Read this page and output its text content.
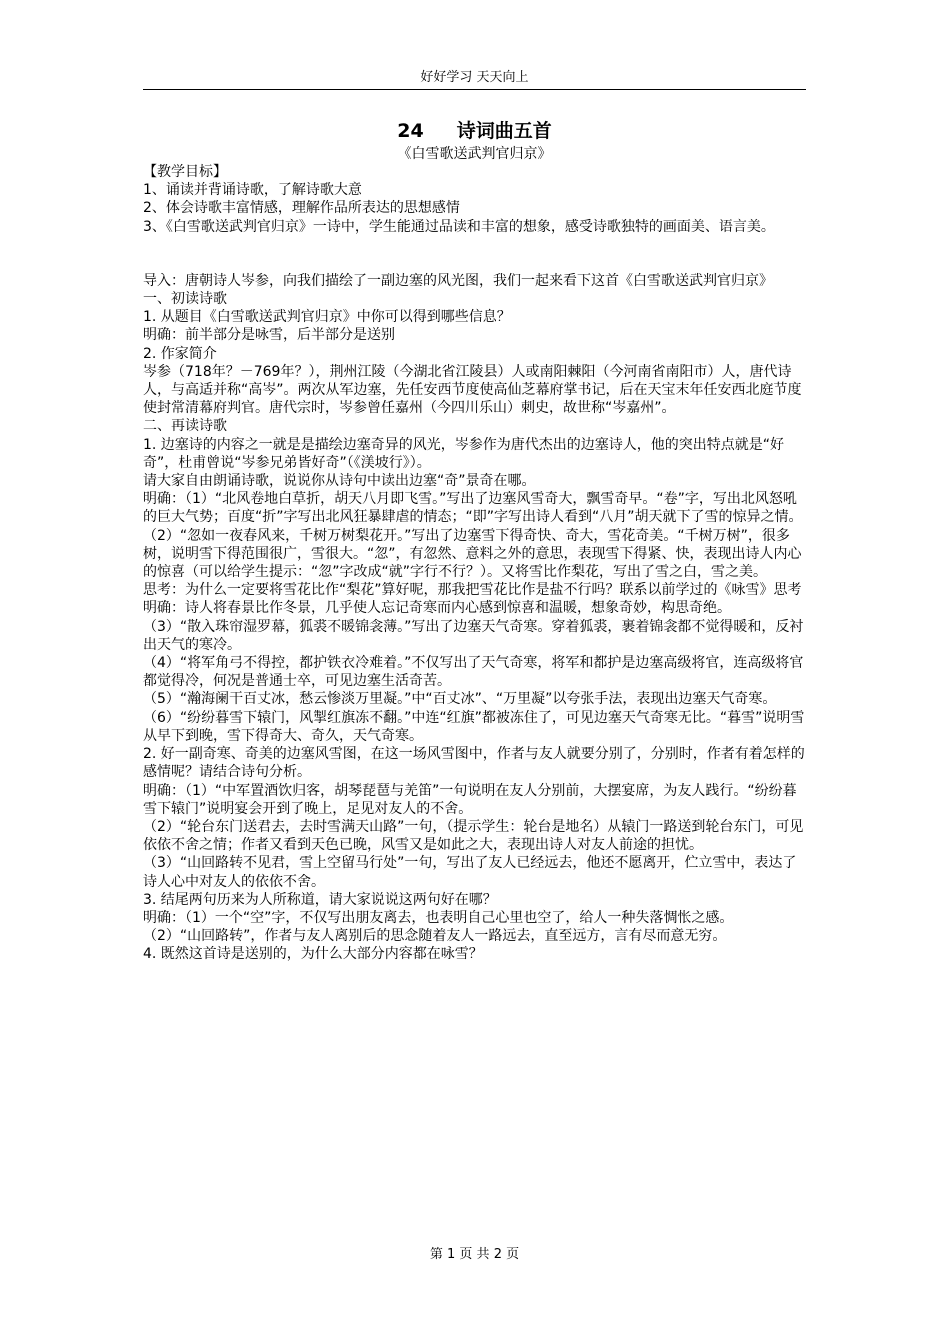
好好学习 天天向上
24     诗词曲五首
《白雪歌送武判官归京》

【教学目标】

1、诵读并背诵诗歌，了解诗歌大意

2、体会诗歌丰富情感，理解作品所表达的思想感情

3、《白雪歌送武判官归京》一诗中，学生能通过品读和丰富的想象，感受诗歌独特的画面美、语言美。

导入：唐朝诗人岑参，向我们描绘了一副边塞的风光图，我们一起来看下这首《白雪歌送武判官归京》

一、初读诗歌

1. 从题目《白雪歌送武判官归京》中你可以得到哪些信息？

明确：前半部分是咏雪，后半部分是送别

2. 作家简介

岑参（718年？－769年？），荆州江陵（今湖北省江陵县）人或南阳棘阳（今河南省南阳市）人，唐代诗人，与高适并称“高岑”。两次从军边塞，先任安西节度使高仙芝幕府掌书记，后在天宝末年任安西北庭节度使封常清幕府判官。唐代宗时，岑参曾任嘉州（今四川乐山）刺史，故世称“岑嘉州”。

二、再读诗歌

1. 边塞诗的内容之一就是是描绘边塞奇异的风光，岑参作为唐代杰出的边塞诗人，他的突出特点就是“好奇”，杜甫曾说“岑参兄弟皆好奇”（《渼坡行》）。

请大家自由朗诵诗歌，说说你从诗句中读出边塞“奇”景奇在哪。

明确：（1）“北风卷地白草折，胡天八月即飞雪。”写出了边塞风雪奇大，飘雪奇早。“卷”字，写出北风怒吼的巨大气势；百度“折”字写出北风狂暴肆虐的情态；“即”字写出诗人看到“八月”胡天就下了雪的惊异之情。

（2）“忽如一夜春风来，千树万树梨花开。”写出了边塞雪下得奇快、奇大，雪花奇美。“千树万树”，很多树，说明雪下得范围很广，雪很大。“忽”，有忽然、意料之外的意思，表现雪下得紧、快，表现出诗人内心的惊喜（可以给学生提示：“忽”字改成“就”字行不行？）。又将雪比作梨花，写出了雪之白，雪之美。

思考：为什么一定要将雪花比作“梨花”算好呢，那我把雪花比作是盐不行吗？联系以前学过的《咏雪》思考

明确：诗人将春景比作冬景，几乎使人忘记奇寒而内心感到惊喜和温暖，想象奇妙，构思奇绝。

（3）“散入珠帘湿罗幕，狐裘不暖锦衾薄。”写出了边塞天气奇寒。穿着狐裘，裹着锦衾都不觉得暖和，反衬出天气的寒冷。

（4）“将军角弓不得控，都护铁衣冷难着。”不仅写出了天气奇寒，将军和都护是边塞高级将官，连高级将官都觉得冷，何况是普通士卒，可见边塞生活奇苦。

（5）“瀚海阑干百丈冰，愁云惨淡万里凝。”中“百丈冰”、“万里凝”以夸张手法，表现出边塞天气奇寒。

（6）“纷纷暮雪下辕门，风掣红旗冻不翻。”中连“红旗”都被冻住了，可见边塞天气奇寒无比。“暮雪”说明雪从早下到晚，雪下得奇大、奇久，天气奇寒。

2. 好一副奇寒、奇美的边塞风雪图，在这一场风雪图中，作者与友人就要分别了，分别时，作者有着怎样的感情呢？请结合诗句分析。

明确：（1）“中军置酒饮归客，胡琴琵琶与羌笛”一句说明在友人分别前，大摆宴席，为友人践行。“纷纷暮雪下辕门”说明宴会开到了晚上，足见对友人的不舍。

（2）“轮台东门送君去，去时雪满天山路”一句，（提示学生：轮台是地名）从辕门一路送到轮台东门，可见依依不舍之情；作者又看到天色已晚，风雪又是如此之大，表现出诗人对友人前途的担忧。

（3）“山回路转不见君，雪上空留马行处”一句，写出了友人已经远去，他还不愿离开，伫立雪中，表达了诗人心中对友人的依依不舍。

3. 结尾两句历来为人所称道，请大家说说这两句好在哪？

明确：（1）一个“空”字，不仅写出朋友离去，也表明自己心里也空了，给人一种失落惆怅之感。

（2）“山回路转”，作者与友人离别后的思念随着友人一路远去，直至远方，言有尽而意无穷。

4. 既然这首诗是送别的，为什么大部分内容都在咏雪？

第 1 页 共 2 页
